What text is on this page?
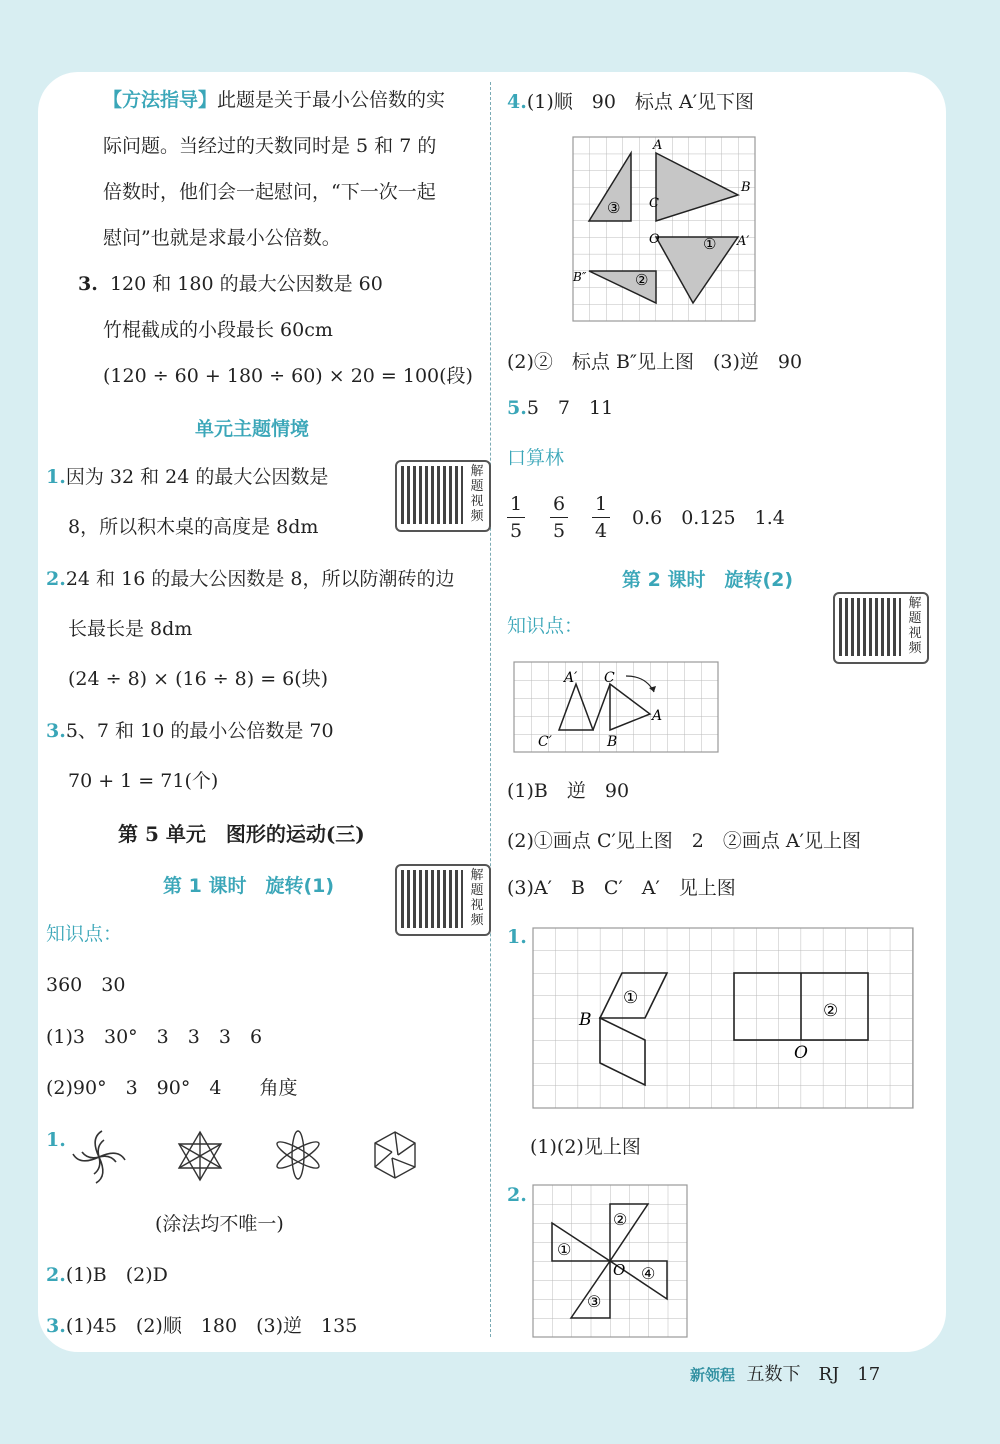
【方法指导】此题是关于最小公倍数的实
际问题。当经过的天数同时是 5 和 7 的
倍数时，他们会一起慰问，“下一次一起
慰问”也就是求最小公倍数。
3. 120 和 180 的最大公因数是 60
竹棍截成的小段最长 60cm
(120 ÷ 60 + 180 ÷ 60) × 20 = 100(段)
单元主题情境
1.因为 32 和 24 的最大公因数是
8，所以积木桌的高度是 8dm
解题视频
2.24 和 16 的最大公因数是 8，所以防潮砖的边
长最长是 8dm
(24 ÷ 8) × (16 ÷ 8) = 6(块)
3.5、7 和 10 的最小公倍数是 70
70 + 1 = 71(个)
第 5 单元　图形的运动(三)
第 1 课时　旋转(1)	解题视频
知识点：
360　30
(1)3　30°　3　3　3　6
(2)90°　3　90°　4　　角度
1.
(涂法均不唯一)
2.(1)B　(2)D
3.(1)45　(2)顺　180　(3)逆　135
4.(1)顺　90　标点 A′见下图
A
B
C
O	A′
B″
①
②
③
(2)②　标点 B″见上图　(3)逆　90
5.5　7　11
口算林
1
5
6
5
1
4
0.6　0.125　1.4
第 2 课时　旋转(2)
解题视频
知识点：
A′ C
A
C′	B
(1)B　逆　90
(2)①画点 C′见上图　2　②画点 A′见上图
(3)A′　B　C′　A′　见上图
1.
B
O
①
②
(1)(2)见上图
2.
O
①
②
③
④
新领程 五数下　RJ　17
